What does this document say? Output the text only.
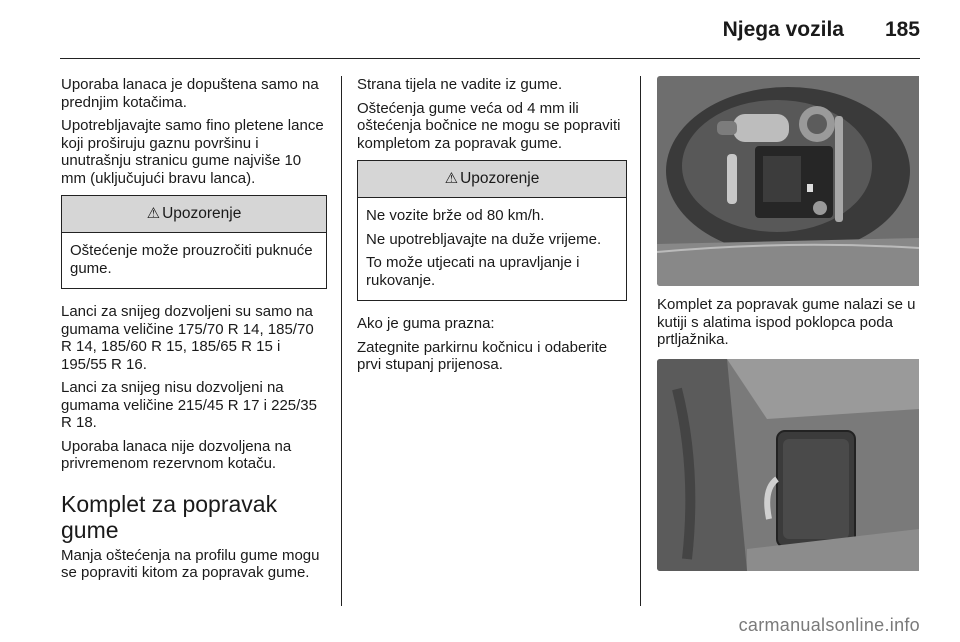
Njega vozila 185

Uporaba lanaca je dopuštena samo na prednjim kotačima.

Upotrebljavajte samo fino pletene lance koji proširuju gaznu površinu i unutrašnju stranicu gume najviše 10 mm (uključujući bravu lanca).

⚠ Upozorenje

Oštećenje može prouzročiti puknuće gume.

Lanci za snijeg dozvoljeni su samo na gumama veličine 175/70 R 14, 185/70 R 14, 185/60 R 15, 185/65 R 15 i 195/55 R 16.

Lanci za snijeg nisu dozvoljeni na gumama veličine 215/45 R 17 i 225/35 R 18.

Uporaba lanaca nije dozvoljena na privremenom rezervnom kotaču.

Komplet za popravak gume

Manja oštećenja na profilu gume mogu se popraviti kitom za popravak gume.

Strana tijela ne vadite iz gume.

Oštećenja gume veća od 4 mm ili oštećenja bočnice ne mogu se popraviti kompletom za popravak gume.

⚠ Upozorenje

Ne vozite brže od 80 km/h.

Ne upotrebljavajte na duže vrijeme.

To može utjecati na upravljanje i rukovanje.

Ako je guma prazna:

Zategnite parkirnu kočnicu i odaberite prvi stupanj prijenosa.

Komplet za popravak gume nalazi se u kutiji s alatima ispod poklopca poda prtljažnika.

carmanualsonline.info
